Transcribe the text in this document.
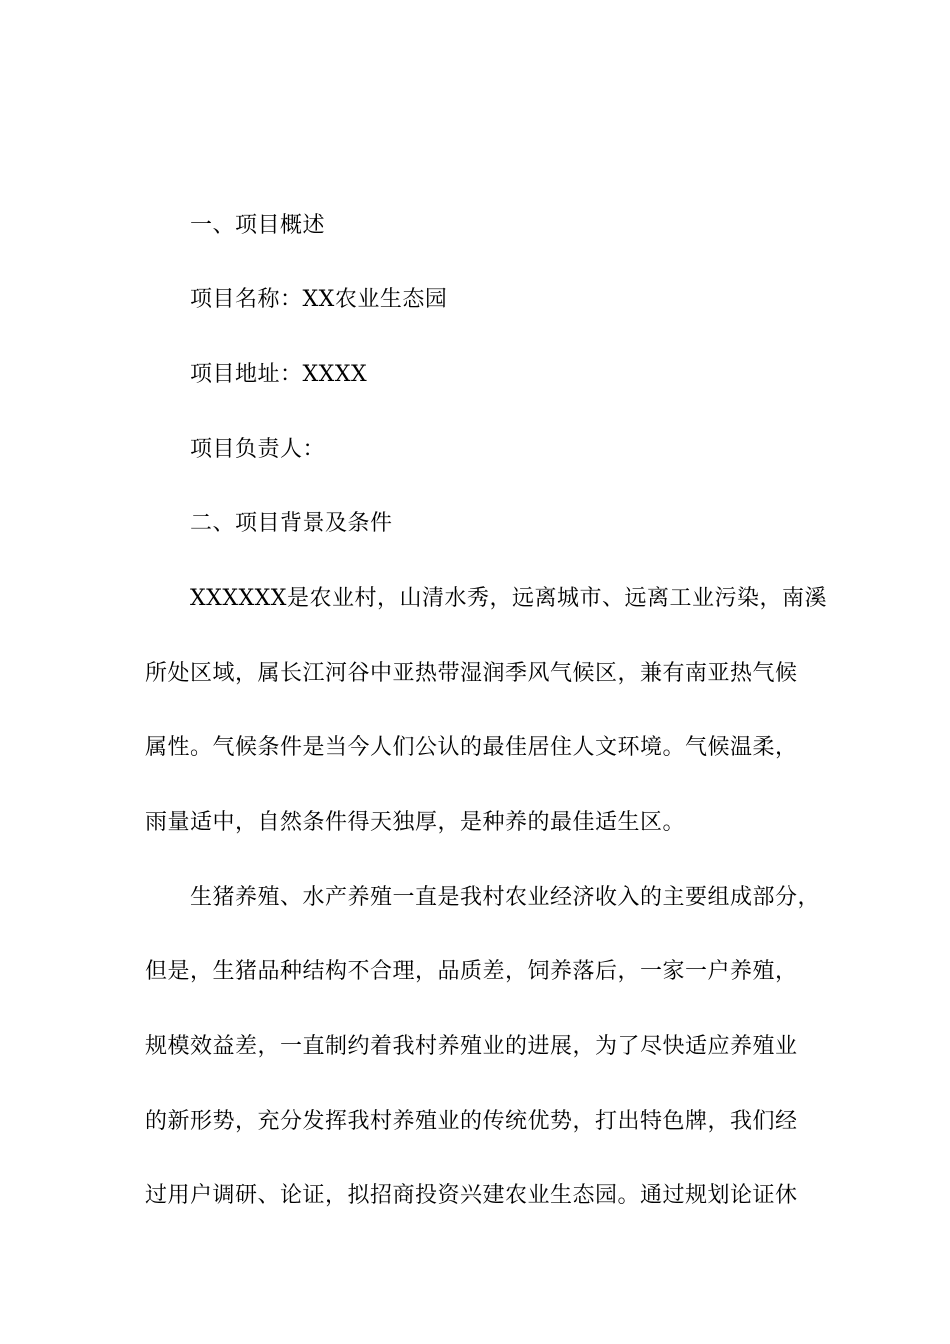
一、项目概述
项目名称：XX农业生态园
项目地址：XXXX
项目负责人：
二、项目背景及条件
XXXXXX是农业村，山清水秀，远离城市、远离工业污染，南溪
所处区域，属长江河谷中亚热带湿润季风气候区，兼有南亚热气候
属性。气候条件是当今人们公认的最佳居住人文环境。气候温柔，
雨量适中，自然条件得天独厚，是种养的最佳适生区。
生猪养殖、水产养殖一直是我村农业经济收入的主要组成部分，
但是，生猪品种结构不合理，品质差，饲养落后，一家一户养殖，
规模效益差，一直制约着我村养殖业的进展，为了尽快适应养殖业
的新形势，充分发挥我村养殖业的传统优势，打出特色牌，我们经
过用户调研、论证，拟招商投资兴建农业生态园。通过规划论证休
